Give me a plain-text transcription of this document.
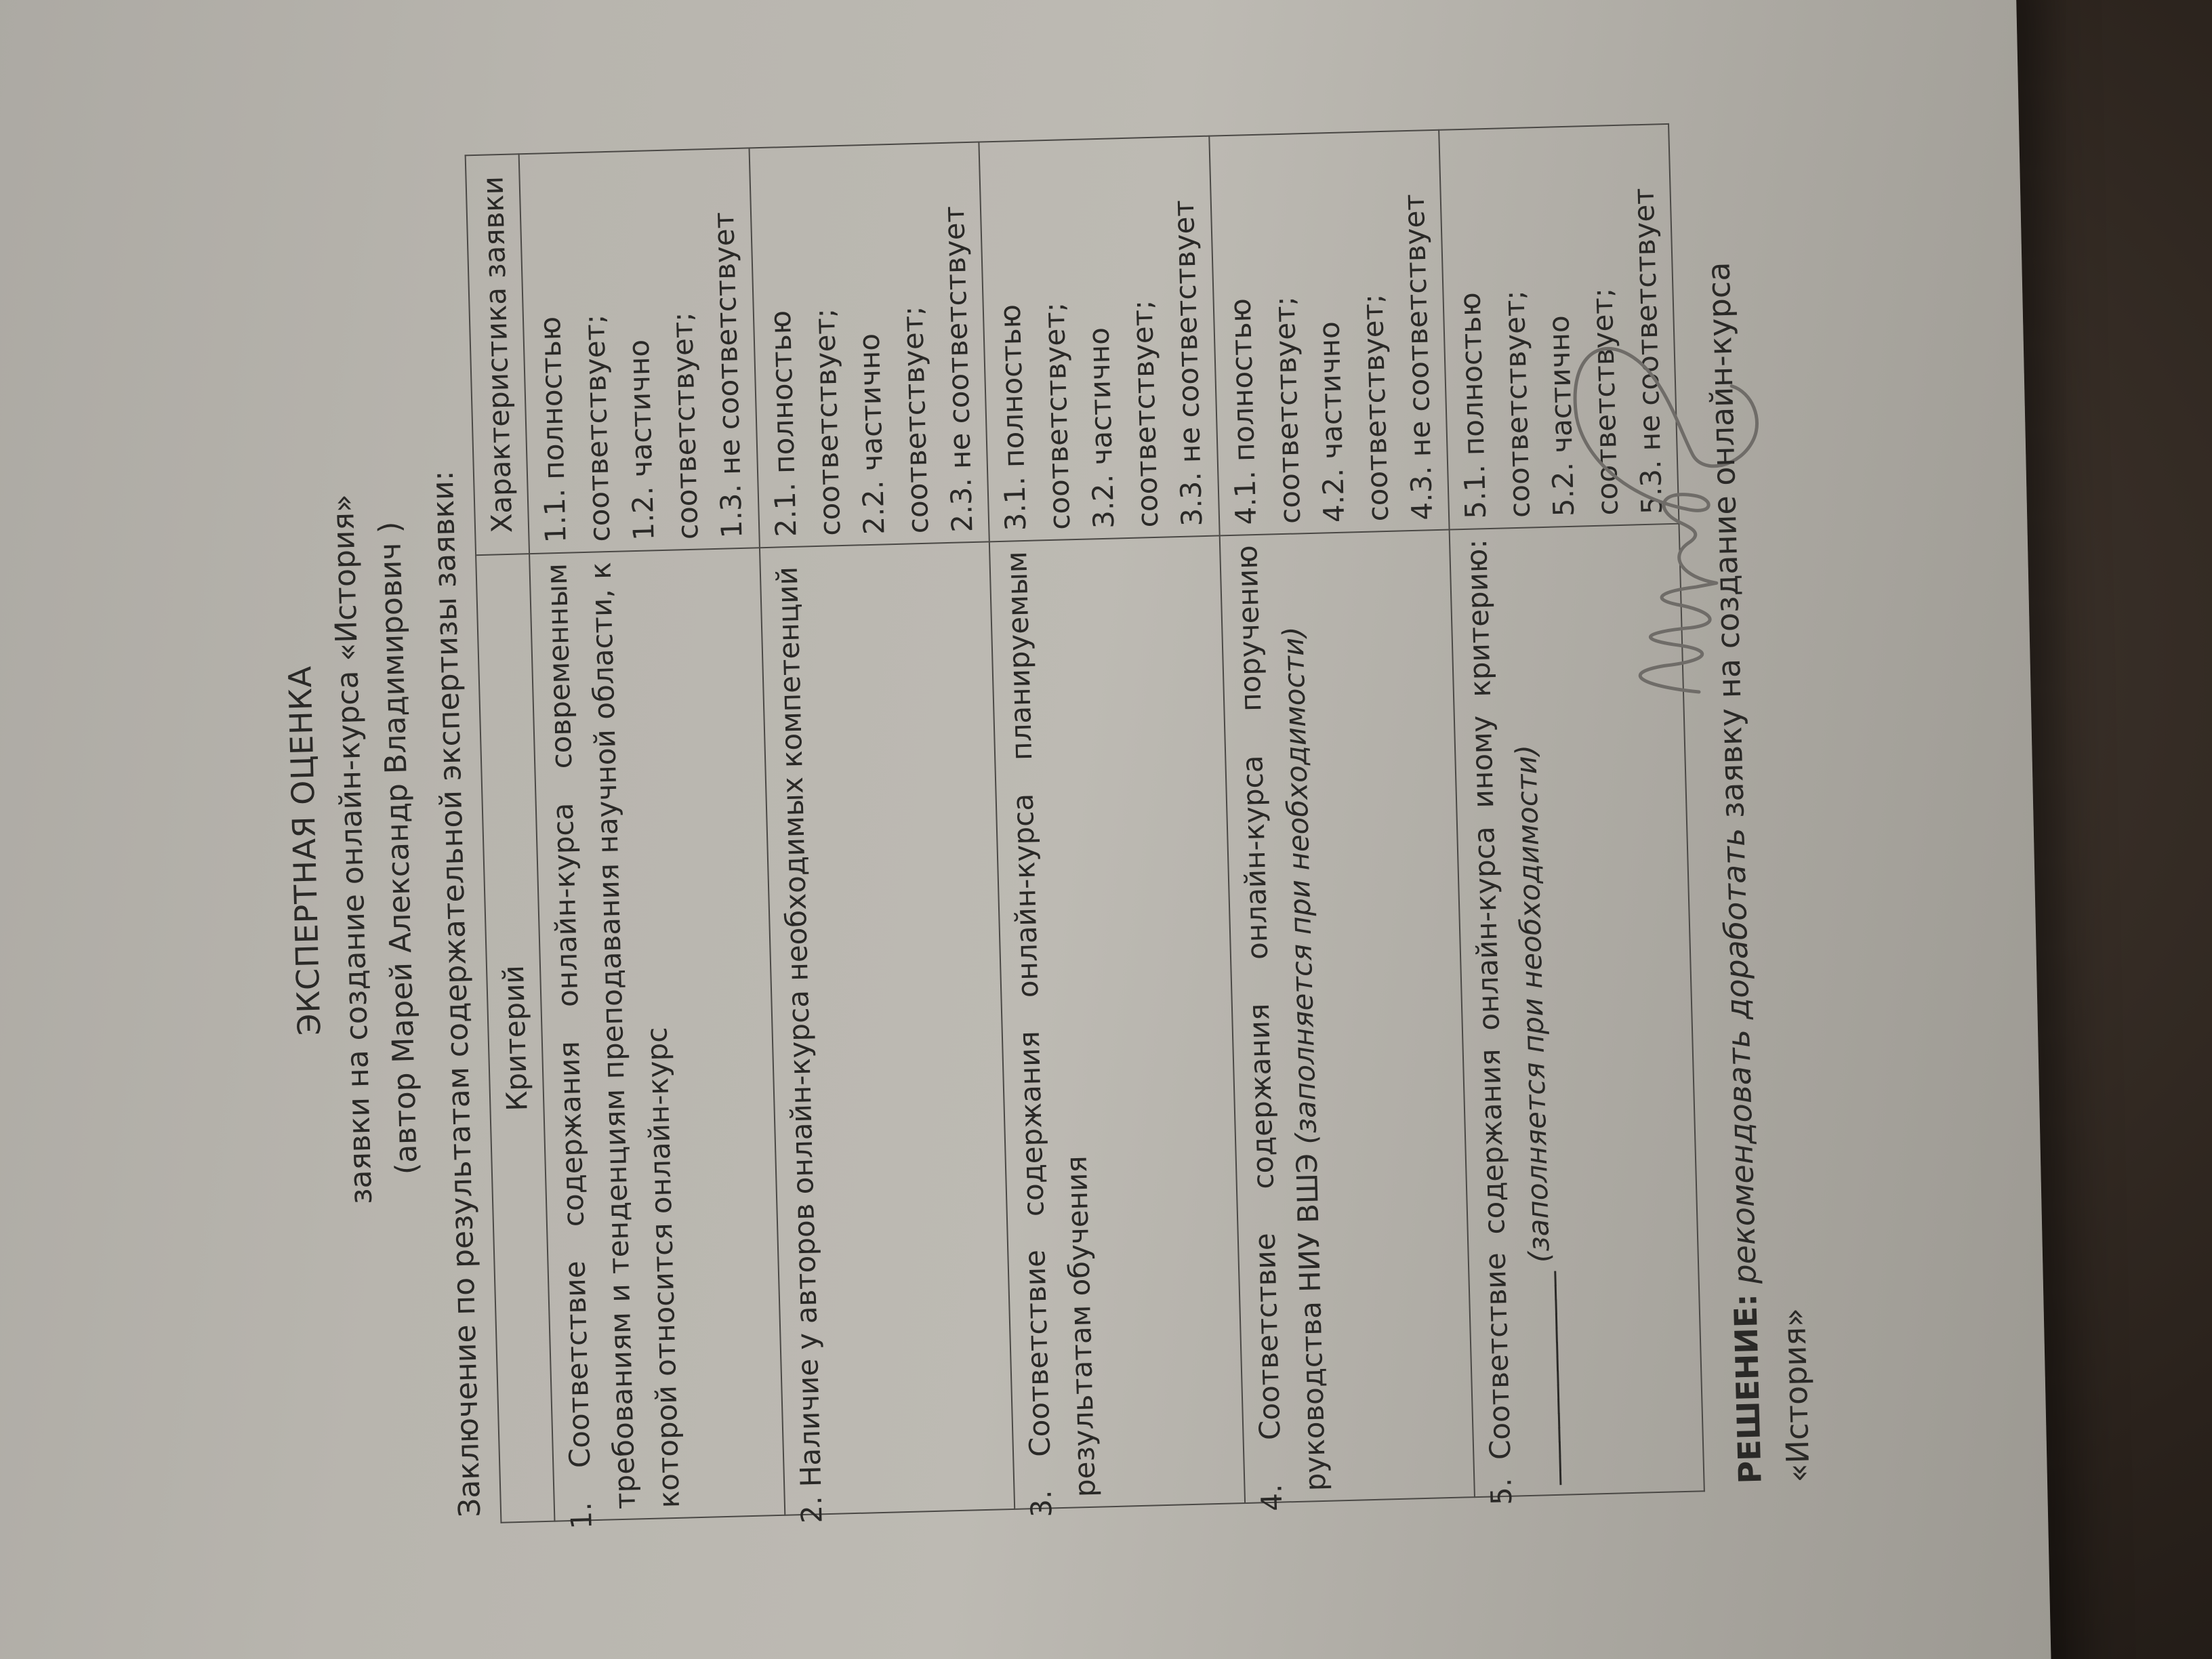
ЭКСПЕРТНАЯ ОЦЕНКА
заявки на создание онлайн-курса «История»
(автор Марей Александр Владимирович ) Заключение по результатам содержательной экспертизы заявки: Критерий	Характеристика заявки
1. Соответствие содержания онлайн-курса современным требованиям и тенденциям преподавания научной области, к которой относится онлайн-курс	1.1. полностью соответствует; 1.2. частично соответствует; 1.3. не соответствует

2. Наличие у авторов онлайн-курса необходимых компетенций	2.1. полностью соответствует; 2.2. частично соответствует; 2.3. не соответствует

3. Соответствие содержания онлайн-курса планируемым результатам обучения	3.1. полностью соответствует; 3.2. частично соответствует; 3.3. не соответствует

4. Соответствие содержания онлайн-курса поручению руководства НИУ ВШЭ (заполняется при необходимости)	4.1. полностью соответствует; 4.2. частично соответствует; 4.3. не соответствует

5. Соответствие содержания онлайн-курса иному критерию: _______________ (заполняется при необходимости)	5.1. полностью соответствует; 5.2. частично соответствует; 5.3. не соответствует
РЕШЕНИЕ: рекомендовать доработать заявку на создание онлайн-курса «История»
